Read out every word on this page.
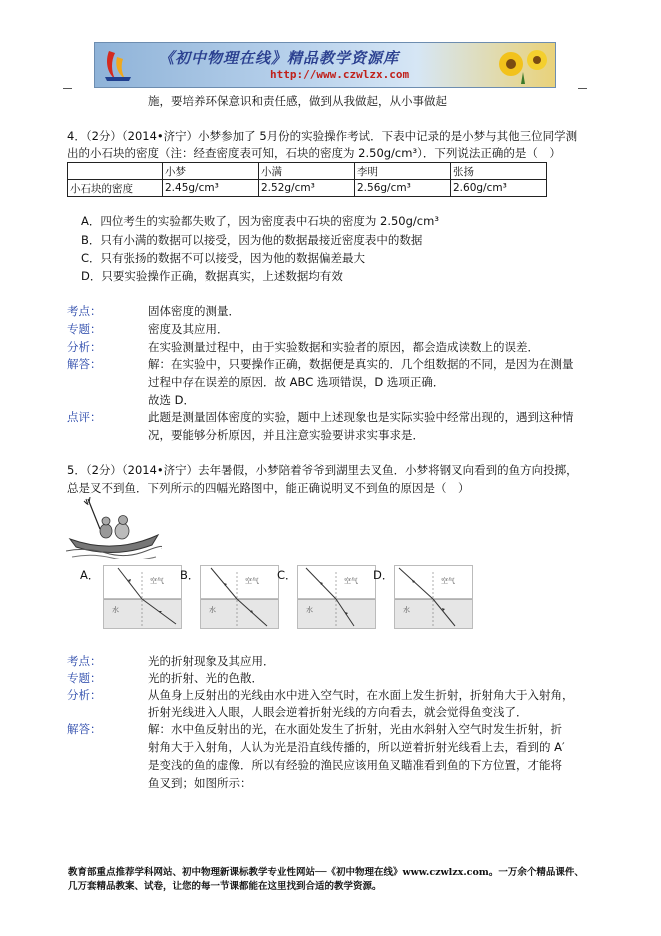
《初中物理在线》精品教学资源库
http://www.czwlzx.com
施，要培养环保意识和责任感，做到从我做起，从小事做起
4．（2分）（2014•济宁）小梦参加了 5月份的实验操作考试．下表中记录的是小梦与其他三位同学测
出的小石块的密度（注：经查密度表可知，石块的密度为 2.50g/cm³）．下列说法正确的是（　）
	小梦	小满	李明	张扬
小石块的密度	2.45g/cm³	2.52g/cm³	2.56g/cm³	2.60g/cm³
A．四位考生的实验都失败了，因为密度表中石块的密度为 2.50g/cm³
B．只有小满的数据可以接受，因为他的数据最接近密度表中的数据
C．只有张扬的数据不可以接受，因为他的数据偏差最大
D．只要实验操作正确，数据真实，上述数据均有效
考点：	固体密度的测量．
专题：	密度及其应用．
分析：	在实验测量过程中，由于实验数据和实验者的原因，都会造成读数上的误差．
解答：	解：在实验中，只要操作正确，数据便是真实的．几个组数据的不同，是因为在测量
过程中存在误差的原因．故 ABC 选项错误，D 选项正确．
故选 D．
点评：	此题是测量固体密度的实验，题中上述现象也是实际实验中经常出现的，遇到这种情
况，要能够分析原因，并且注意实验要讲求实事求是．
5．（2分）（2014•济宁）去年暑假，小梦陪着爷爷到湖里去叉鱼．小梦将钢叉向看到的鱼方向投掷，
总是叉不到鱼．下列所示的四幅光路图中，能正确说明叉不到鱼的原因是（　）
A．	空气
水
B．	空气
水
C．	空气
水
D．	空气
水
考点：	光的折射现象及其应用．
专题：	光的折射、光的色散．
分析：	从鱼身上反射出的光线由水中进入空气时，在水面上发生折射，折射角大于入射角，
折射光线进入人眼，人眼会逆着折射光线的方向看去，就会觉得鱼变浅了．
解答：	解：水中鱼反射出的光，在水面处发生了折射，光由水斜射入空气时发生折射，折
射角大于入射角，人认为光是沿直线传播的，所以逆着折射光线看上去，看到的 A′
是变浅的鱼的虚像．所以有经验的渔民应该用鱼叉瞄准看到鱼的下方位置，才能将
鱼叉到；如图所示：
教育部重点推荐学科网站、初中物理新课标教学专业性网站──《初中物理在线》www.czwlzx.com。一万余个精品课件、
几万套精品教案、试卷，让您的每一节课都能在这里找到合适的教学资源。
